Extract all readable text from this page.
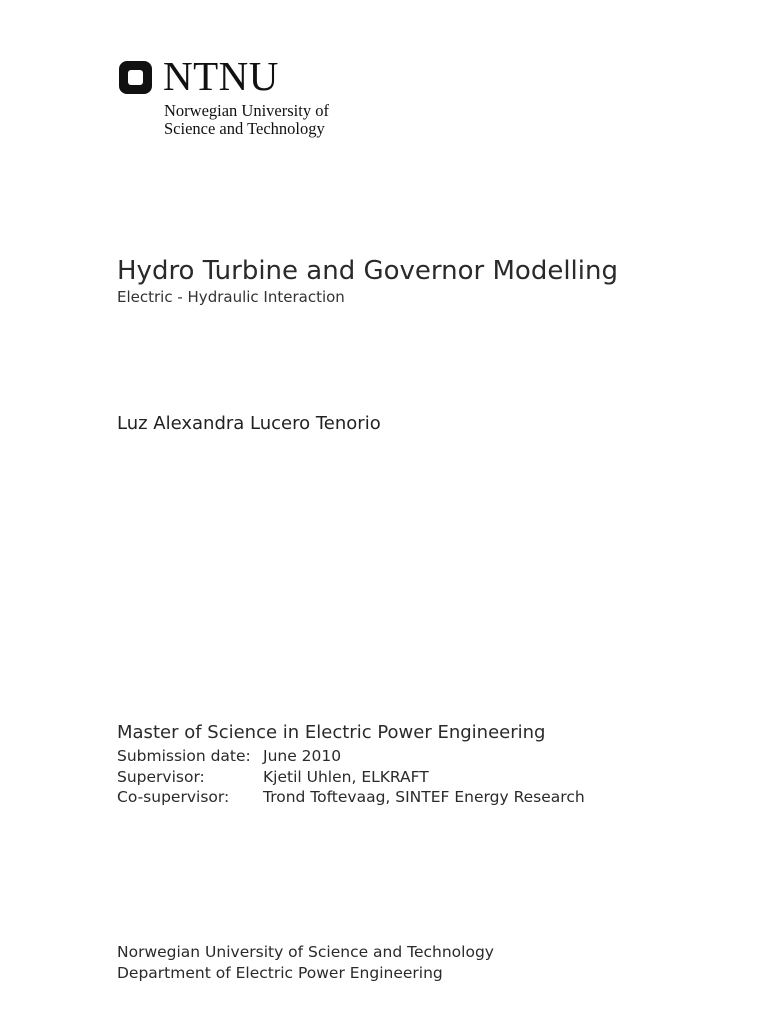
NTNU
Norwegian University of
Science and Technology
Hydro Turbine and Governor Modelling
Electric - Hydraulic Interaction
Luz Alexandra Lucero Tenorio
Master of Science in Electric Power Engineering
Submission date: June 2010
Supervisor:	Kjetil Uhlen, ELKRAFT
Co-supervisor: Trond Toftevaag, SINTEF Energy Research
Norwegian University of Science and Technology
Department of Electric Power Engineering
